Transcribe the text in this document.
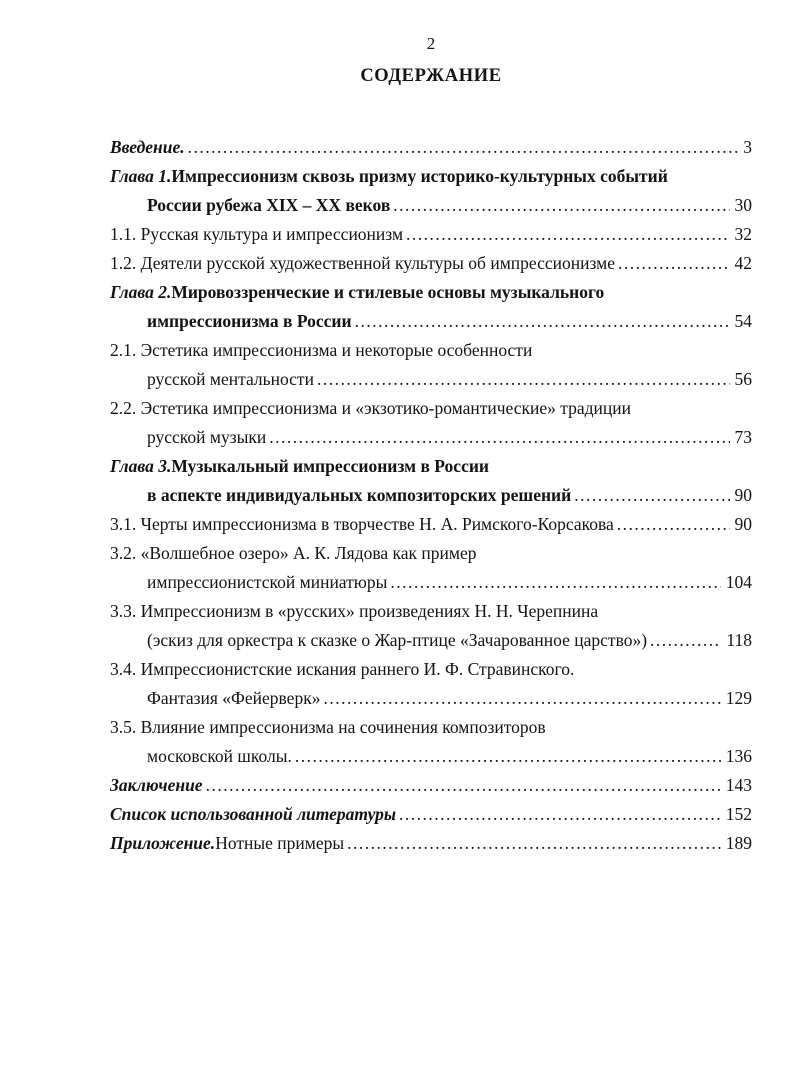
2
СОДЕРЖАНИЕ
Введение. .....	3
Глава 1. Импрессионизм сквозь призму историко-культурных событий
России рубежа XIX – XX веков .....	30
1.1. Русская культура и импрессионизм .....	32
1.2. Деятели русской художественной культуры об импрессионизме .....	42
Глава 2. Мировоззренческие и стилевые основы музыкального
импрессионизма в России .....	54
2.1. Эстетика импрессионизма и некоторые особенности
русской ментальности .....	56
2.2. Эстетика импрессионизма и «экзотико-романтические» традиции
русской музыки .....	73
Глава 3. Музыкальный импрессионизм в России
в аспекте индивидуальных композиторских решений .....	90
3.1. Черты импрессионизма в творчестве Н. А. Римского-Корсакова .....	90
3.2. «Волшебное озеро» А. К. Лядова как пример
импрессионистской миниатюры .....	104
3.3. Импрессионизм в «русских» произведениях Н. Н. Черепнина
(эскиз для оркестра к сказке о Жар-птице «Зачарованное царство») .....	118
3.4. Импрессионистские искания раннего И. Ф. Стравинского.
Фантазия «Фейерверк» .....	129
3.5. Влияние импрессионизма на сочинения композиторов
московской школы. .....	136
Заключение .....	143
Список использованной литературы .....	152
Приложение. Нотные примеры .....	189
